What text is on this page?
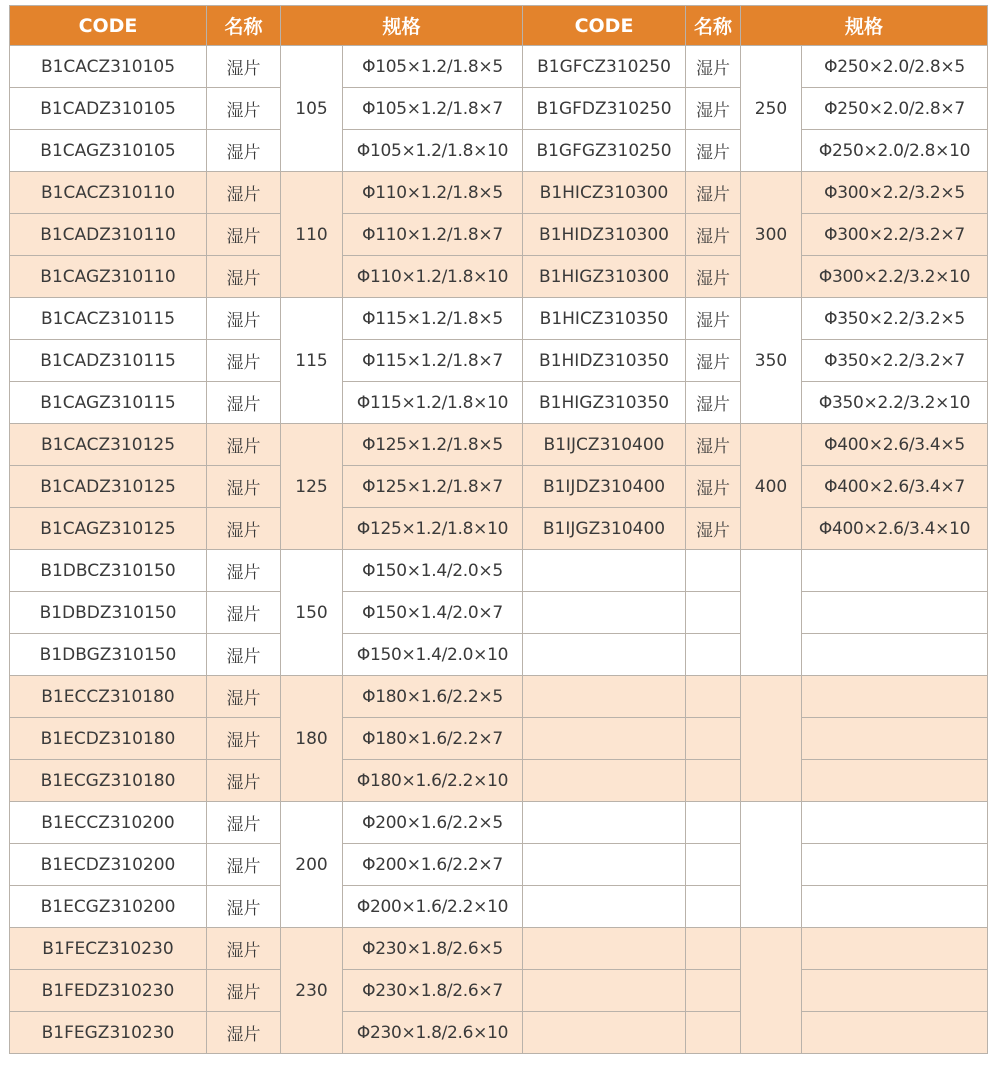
CODE	名称	规格		CODE	名称	规格	
B1CACZ310105	湿片	105	Φ105×1.2/1.8×5	B1GFCZ310250	湿片	250	Φ250×2.0/2.8×5
B1CADZ310105	湿片		Φ105×1.2/1.8×7	B1GFDZ310250	湿片		Φ250×2.0/2.8×7
B1CAGZ310105	湿片		Φ105×1.2/1.8×10	B1GFGZ310250	湿片		Φ250×2.0/2.8×10
B1CACZ310110	湿片	110	Φ110×1.2/1.8×5	B1HICZ310300	湿片	300	Φ300×2.2/3.2×5
B1CADZ310110	湿片		Φ110×1.2/1.8×7	B1HIDZ310300	湿片		Φ300×2.2/3.2×7
B1CAGZ310110	湿片		Φ110×1.2/1.8×10	B1HIGZ310300	湿片		Φ300×2.2/3.2×10
B1CACZ310115	湿片	115	Φ115×1.2/1.8×5	B1HICZ310350	湿片	350	Φ350×2.2/3.2×5
B1CADZ310115	湿片		Φ115×1.2/1.8×7	B1HIDZ310350	湿片		Φ350×2.2/3.2×7
B1CAGZ310115	湿片		Φ115×1.2/1.8×10	B1HIGZ310350	湿片		Φ350×2.2/3.2×10
B1CACZ310125	湿片	125	Φ125×1.2/1.8×5	B1IJCZ310400	湿片	400	Φ400×2.6/3.4×5
B1CADZ310125	湿片		Φ125×1.2/1.8×7	B1IJDZ310400	湿片		Φ400×2.6/3.4×7
B1CAGZ310125	湿片		Φ125×1.2/1.8×10	B1IJGZ310400	湿片		Φ400×2.6/3.4×10
B1DBCZ310150	湿片	150	Φ150×1.4/2.0×5				
B1DBDZ310150	湿片		Φ150×1.4/2.0×7				
B1DBGZ310150	湿片		Φ150×1.4/2.0×10				
B1ECCZ310180	湿片	180	Φ180×1.6/2.2×5				
B1ECDZ310180	湿片		Φ180×1.6/2.2×7				
B1ECGZ310180	湿片		Φ180×1.6/2.2×10				
B1ECCZ310200	湿片	200	Φ200×1.6/2.2×5				
B1ECDZ310200	湿片		Φ200×1.6/2.2×7				
B1ECGZ310200	湿片		Φ200×1.6/2.2×10				
B1FECZ310230	湿片	230	Φ230×1.8/2.6×5				
B1FEDZ310230	湿片		Φ230×1.8/2.6×7				
B1FEGZ310230	湿片		Φ230×1.8/2.6×10				
